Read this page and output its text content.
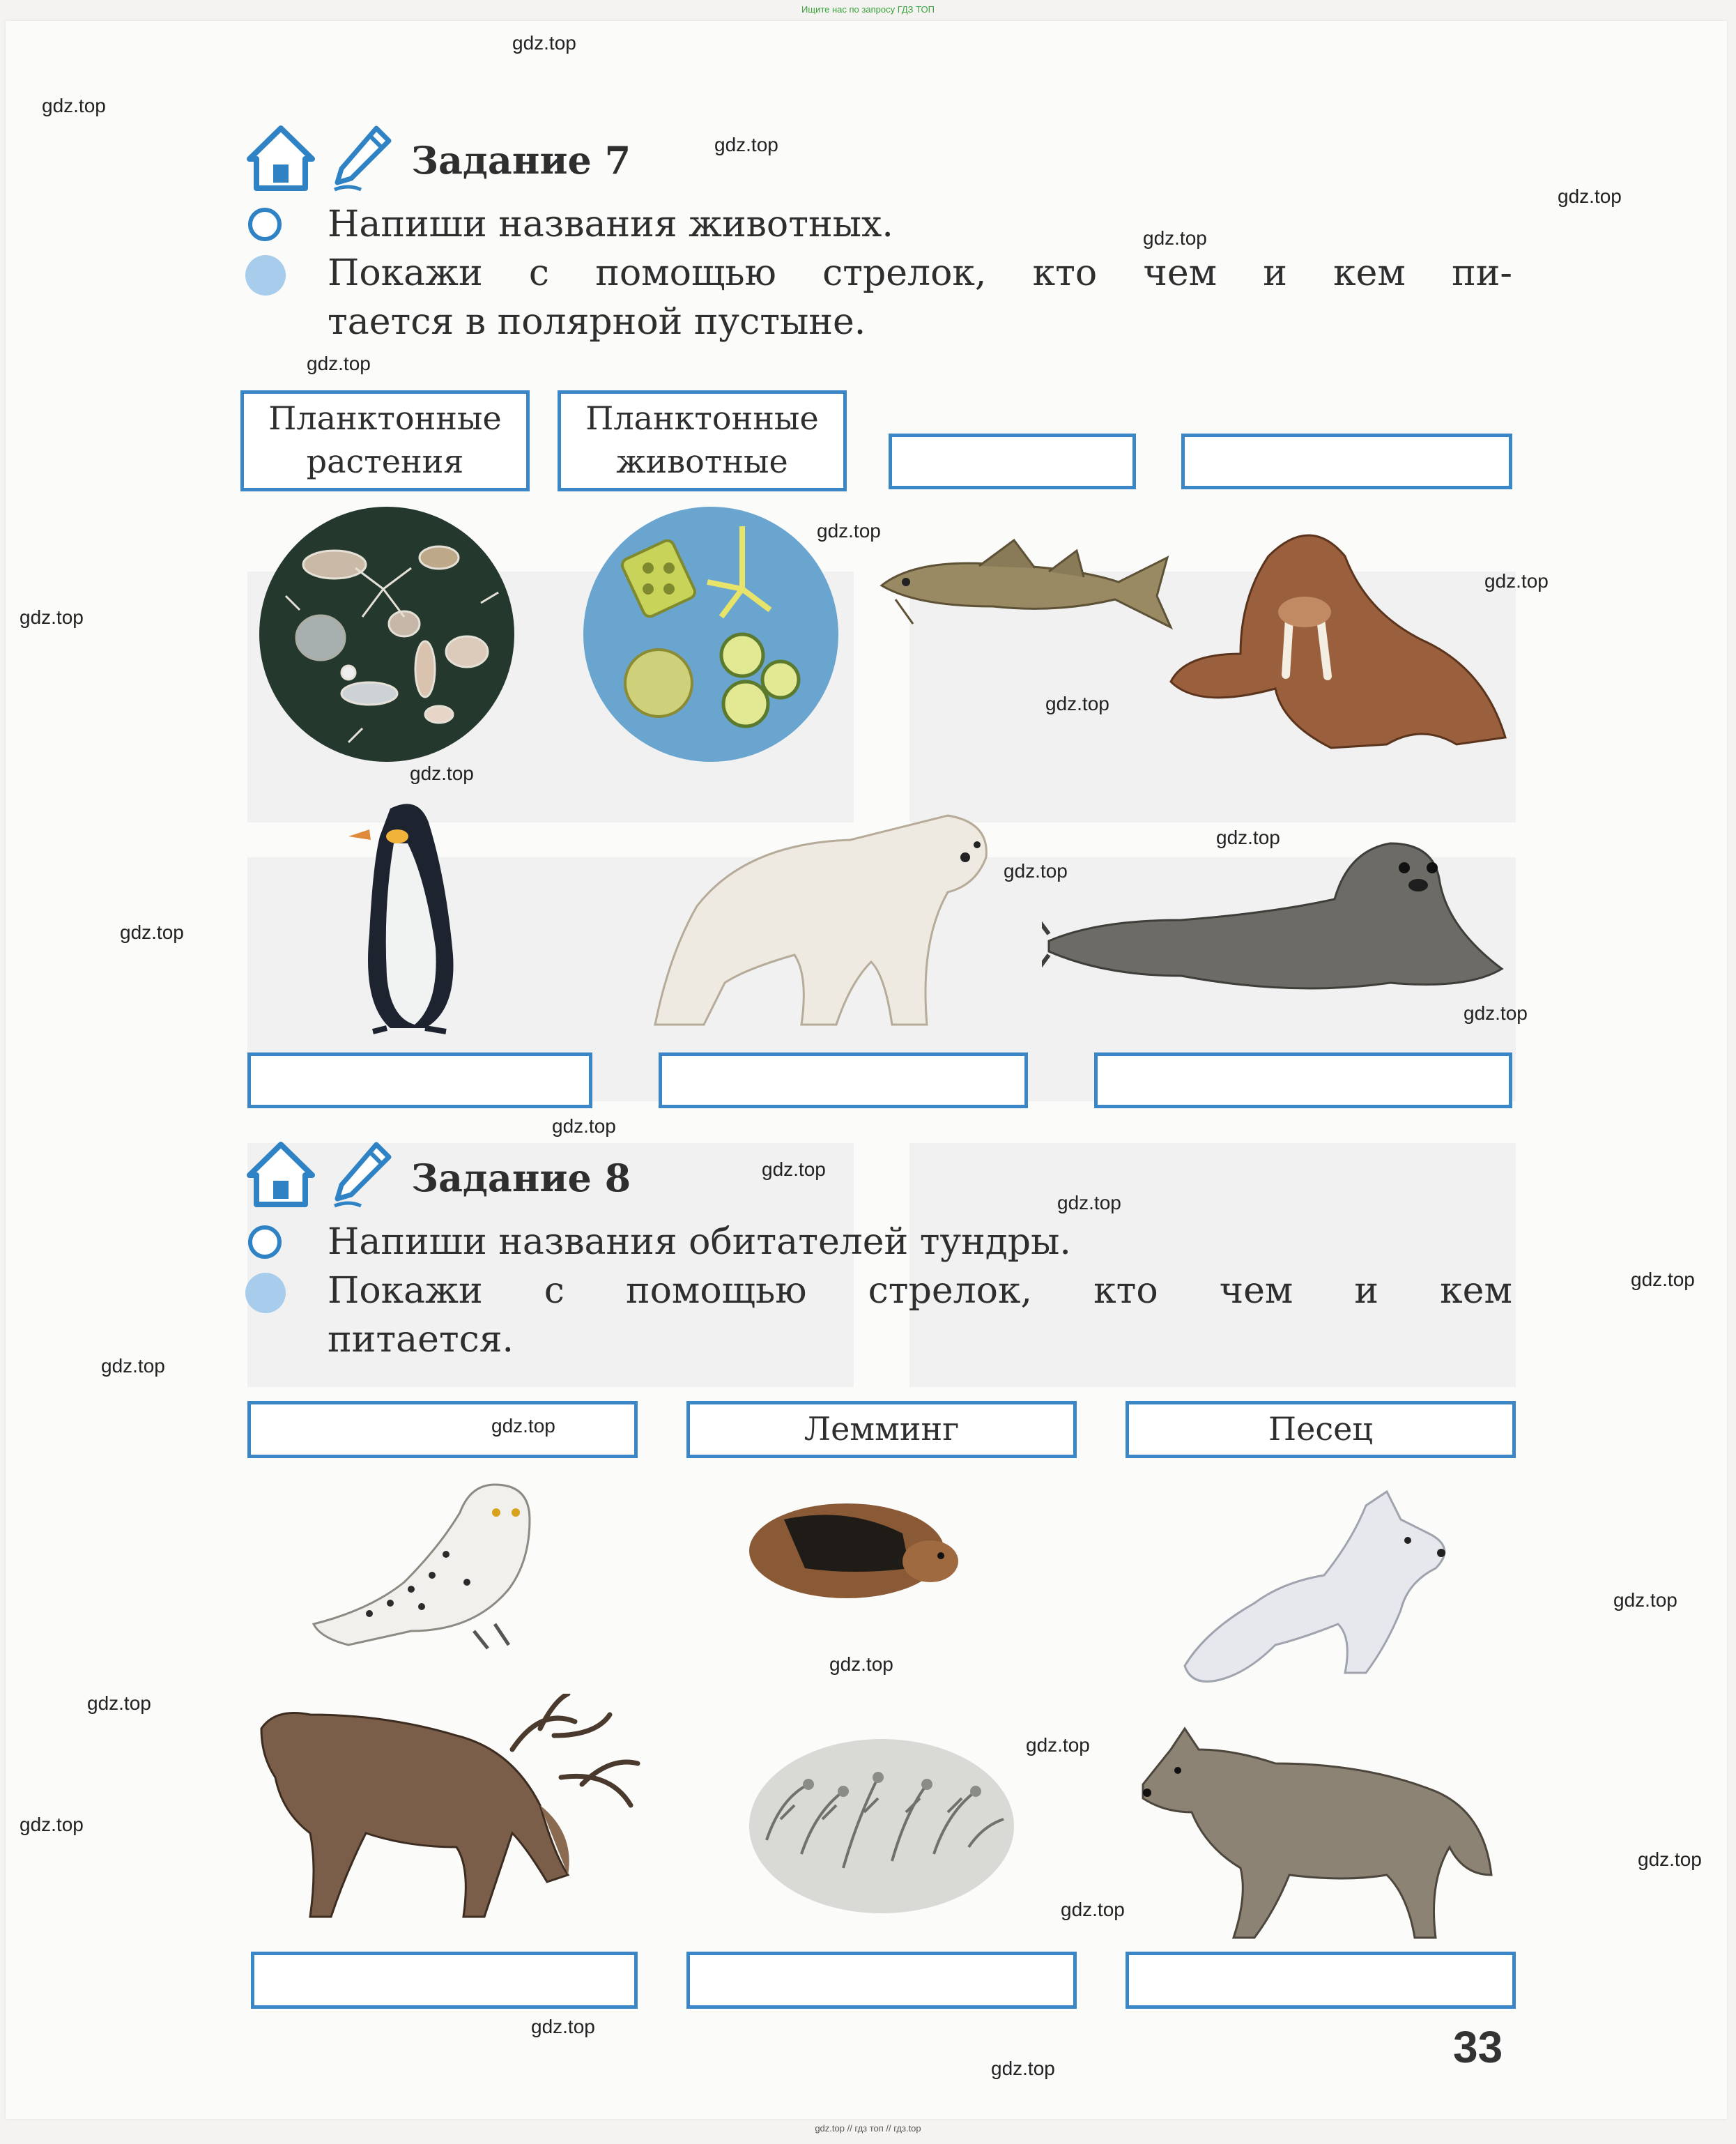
Ищите нас по запросу ГДЗ ТОП
Задание 7
Напиши названия животных.
Покажи с помощью стрелок, кто чем и кем пи-
тается в полярной пустыне.
Планктонные
растения
Планктонные
животные
Задание 8
Напиши названия обитателей тундры.
Покажи с помощью стрелок, кто чем и кем
питается.
Лемминг	Песец
33
gdz.top
gdz.top
gdz.top
gdz.top
gdz.top
gdz.top
gdz.top
gdz.top
gdz.top
gdz.top
gdz.top
gdz.top
gdz.top
gdz.top
gdz.top
gdz.top
gdz.top
gdz.top
gdz.top
gdz.top
gdz.top
gdz.top
gdz.top
gdz.top
gdz.top
gdz.top
gdz.top
gdz.top
gdz.top
gdz.top
gdz.top // гдз топ // гдз.top
